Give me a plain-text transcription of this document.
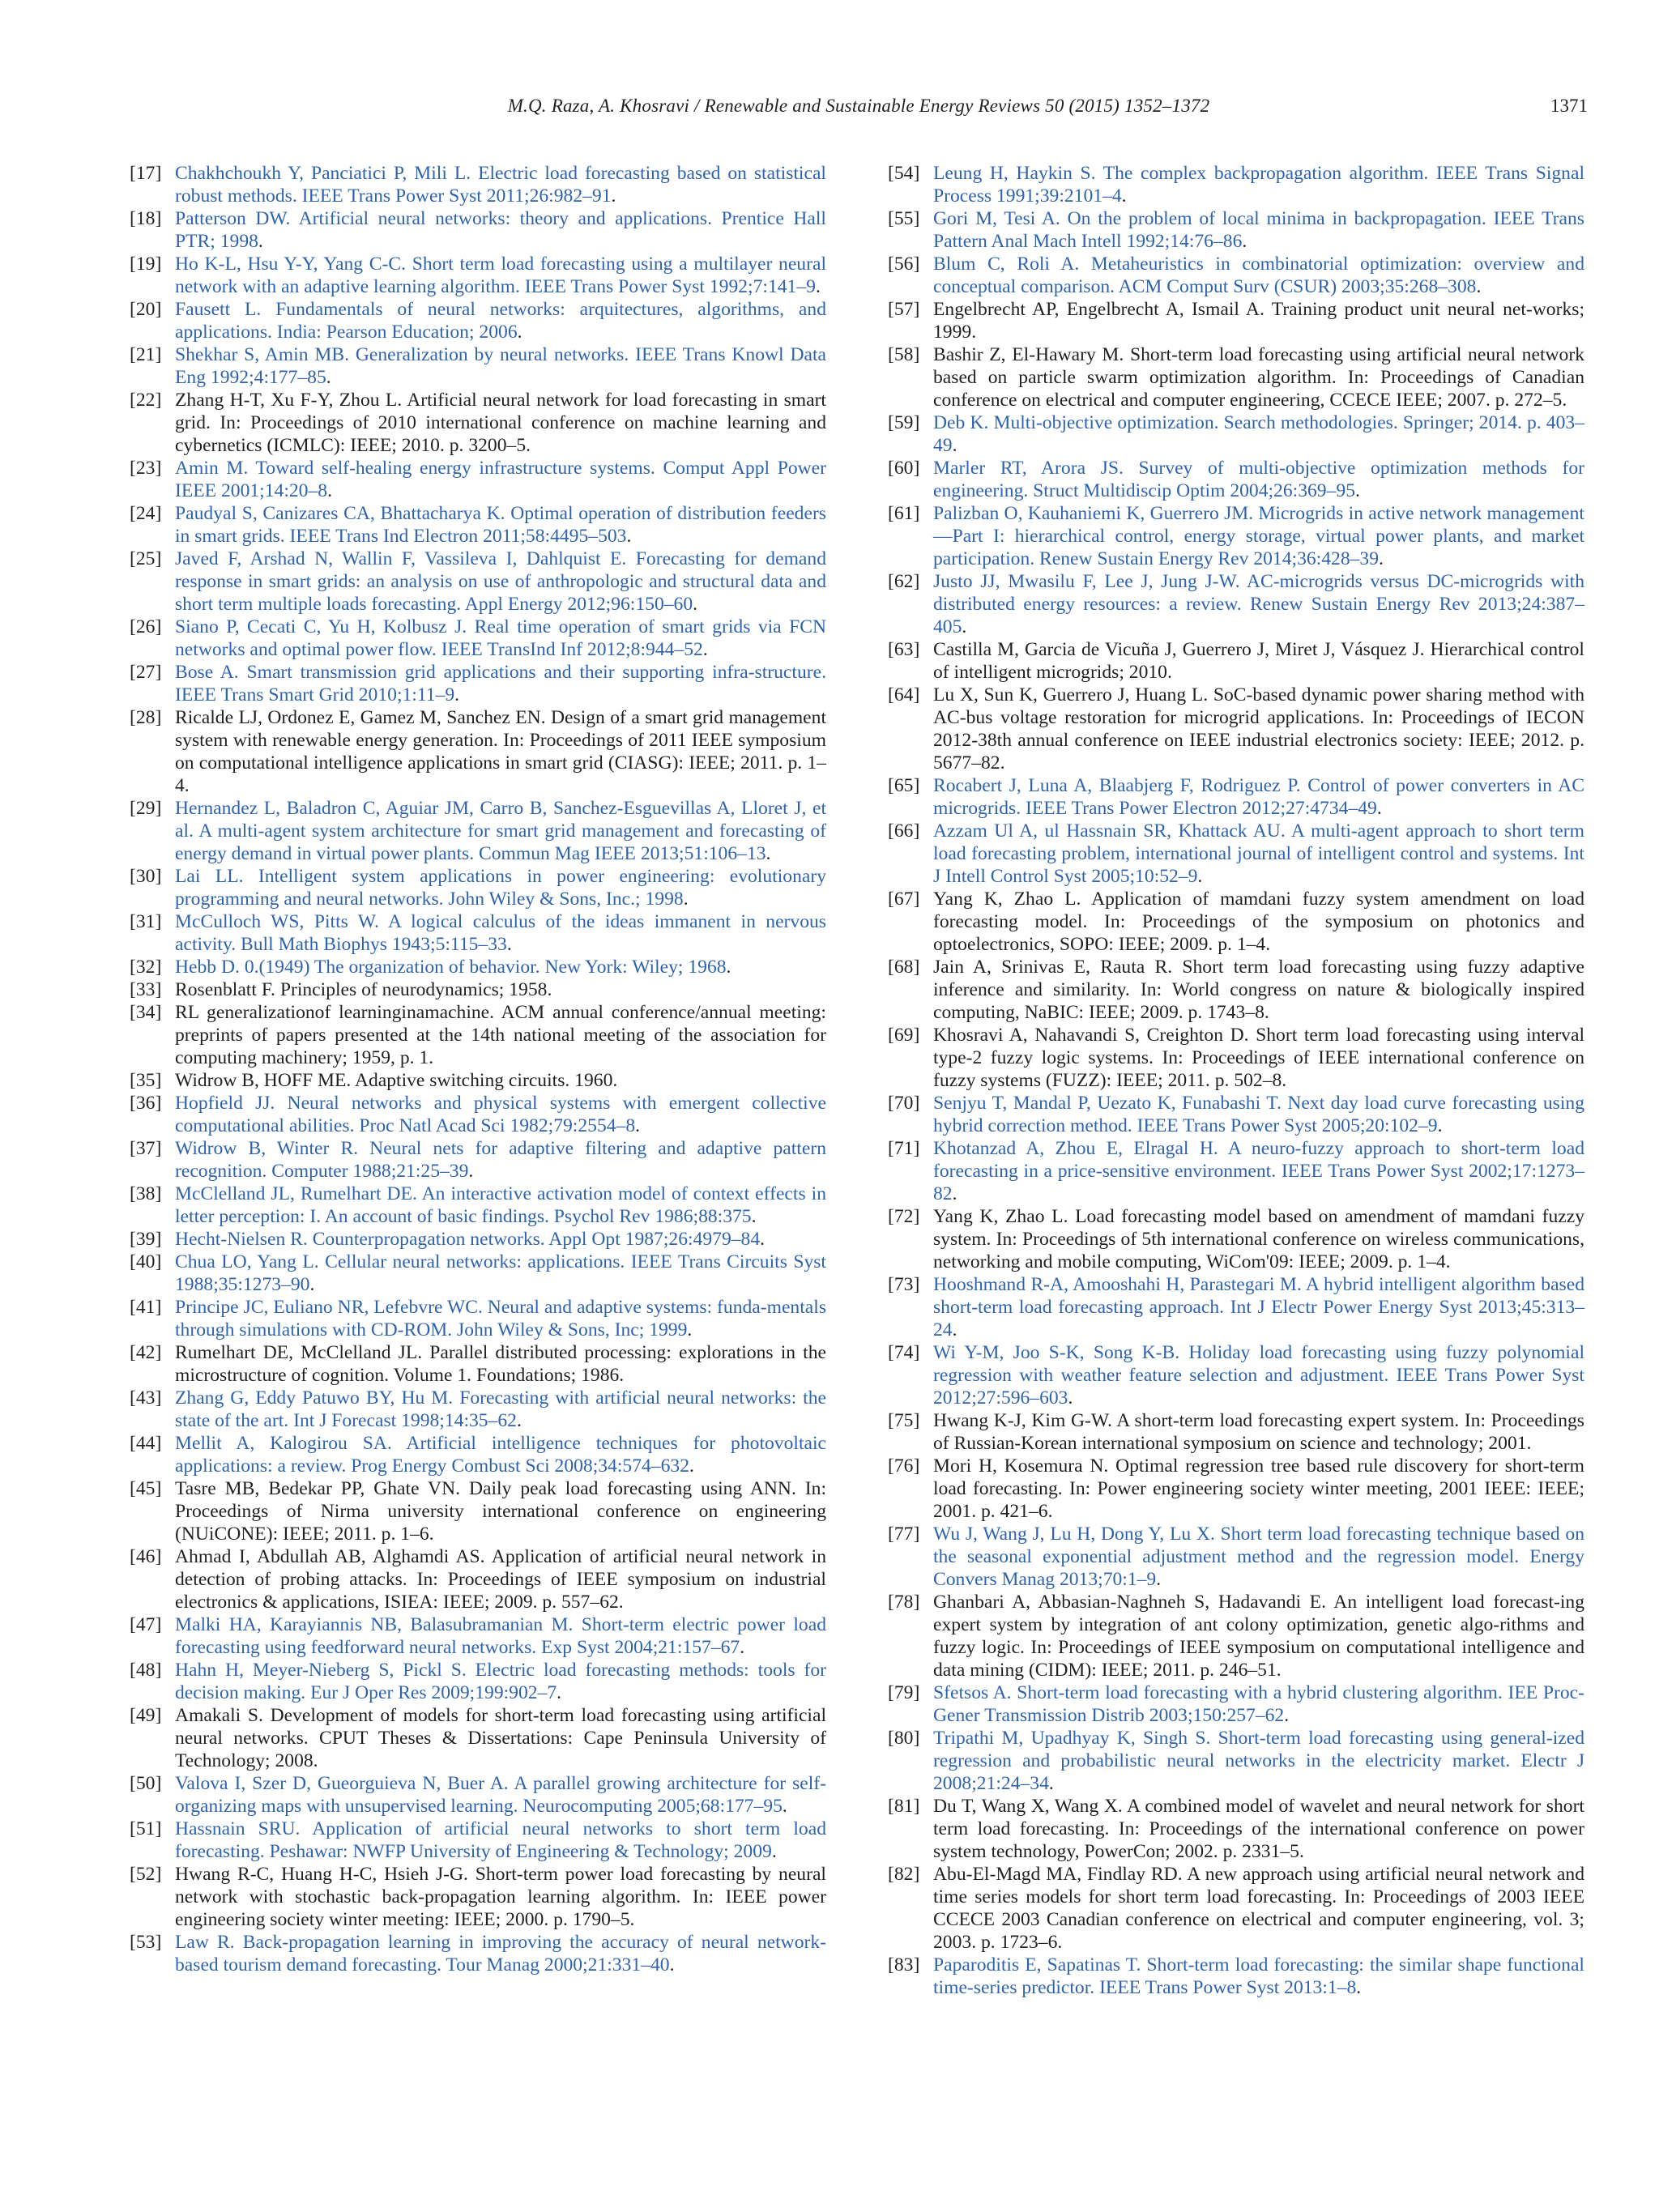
M.Q. Raza, A. Khosravi / Renewable and Sustainable Energy Reviews 50 (2015) 1352–1372	1371

[17] Chakhchoukh Y, Panciatici P, Mili L. Electric load forecasting based on statistical robust methods. IEEE Trans Power Syst 2011;26:982–91.

[18] Patterson DW. Artificial neural networks: theory and applications. Prentice Hall PTR; 1998.

[19] Ho K-L, Hsu Y-Y, Yang C-C. Short term load forecasting using a multilayer neural network with an adaptive learning algorithm. IEEE Trans Power Syst 1992;7:141–9.

[20] Fausett L. Fundamentals of neural networks: arquitectures, algorithms, and applications. India: Pearson Education; 2006.

[21] Shekhar S, Amin MB. Generalization by neural networks. IEEE Trans Knowl Data Eng 1992;4:177–85.

[22] Zhang H-T, Xu F-Y, Zhou L. Artificial neural network for load forecasting in smart grid. In: Proceedings of 2010 international conference on machine learning and cybernetics (ICMLC): IEEE; 2010. p. 3200–5.

[23] Amin M. Toward self-healing energy infrastructure systems. Comput Appl Power IEEE 2001;14:20–8.

[24] Paudyal S, Canizares CA, Bhattacharya K. Optimal operation of distribution feeders in smart grids. IEEE Trans Ind Electron 2011;58:4495–503.

[25] Javed F, Arshad N, Wallin F, Vassileva I, Dahlquist E. Forecasting for demand response in smart grids: an analysis on use of anthropologic and structural data and short term multiple loads forecasting. Appl Energy 2012;96:150–60.

[26] Siano P, Cecati C, Yu H, Kolbusz J. Real time operation of smart grids via FCN networks and optimal power flow. IEEE TransInd Inf 2012;8:944–52.

[27] Bose A. Smart transmission grid applications and their supporting infra-structure. IEEE Trans Smart Grid 2010;1:11–9.

[28] Ricalde LJ, Ordonez E, Gamez M, Sanchez EN. Design of a smart grid management system with renewable energy generation. In: Proceedings of 2011 IEEE symposium on computational intelligence applications in smart grid (CIASG): IEEE; 2011. p. 1–4.

[29] Hernandez L, Baladron C, Aguiar JM, Carro B, Sanchez-Esguevillas A, Lloret J, et al. A multi-agent system architecture for smart grid management and forecasting of energy demand in virtual power plants. Commun Mag IEEE 2013;51:106–13.

[30] Lai LL. Intelligent system applications in power engineering: evolutionary programming and neural networks. John Wiley & Sons, Inc.; 1998.

[31] McCulloch WS, Pitts W. A logical calculus of the ideas immanent in nervous activity. Bull Math Biophys 1943;5:115–33.

[32] Hebb D. 0.(1949) The organization of behavior. New York: Wiley; 1968.

[33] Rosenblatt F. Principles of neurodynamics; 1958.

[34] RL generalizationof learninginamachine. ACM annual conference/annual meeting: preprints of papers presented at the 14th national meeting of the association for computing machinery; 1959, p. 1.

[35] Widrow B, HOFF ME. Adaptive switching circuits. 1960.

[36] Hopfield JJ. Neural networks and physical systems with emergent collective computational abilities. Proc Natl Acad Sci 1982;79:2554–8.

[37] Widrow B, Winter R. Neural nets for adaptive filtering and adaptive pattern recognition. Computer 1988;21:25–39.

[38] McClelland JL, Rumelhart DE. An interactive activation model of context effects in letter perception: I. An account of basic findings. Psychol Rev 1986;88:375.

[39] Hecht-Nielsen R. Counterpropagation networks. Appl Opt 1987;26:4979–84.

[40] Chua LO, Yang L. Cellular neural networks: applications. IEEE Trans Circuits Syst 1988;35:1273–90.

[41] Principe JC, Euliano NR, Lefebvre WC. Neural and adaptive systems: funda-mentals through simulations with CD-ROM. John Wiley & Sons, Inc; 1999.

[42] Rumelhart DE, McClelland JL. Parallel distributed processing: explorations in the microstructure of cognition. Volume 1. Foundations; 1986.

[43] Zhang G, Eddy Patuwo BY, Hu M. Forecasting with artificial neural networks: the state of the art. Int J Forecast 1998;14:35–62.

[44] Mellit A, Kalogirou SA. Artificial intelligence techniques for photovoltaic applications: a review. Prog Energy Combust Sci 2008;34:574–632.

[45] Tasre MB, Bedekar PP, Ghate VN. Daily peak load forecasting using ANN. In: Proceedings of Nirma university international conference on engineering (NUiCONE): IEEE; 2011. p. 1–6.

[46] Ahmad I, Abdullah AB, Alghamdi AS. Application of artificial neural network in detection of probing attacks. In: Proceedings of IEEE symposium on industrial electronics & applications, ISIEA: IEEE; 2009. p. 557–62.

[47] Malki HA, Karayiannis NB, Balasubramanian M. Short-term electric power load forecasting using feedforward neural networks. Exp Syst 2004;21:157–67.

[48] Hahn H, Meyer-Nieberg S, Pickl S. Electric load forecasting methods: tools for decision making. Eur J Oper Res 2009;199:902–7.

[49] Amakali S. Development of models for short-term load forecasting using artificial neural networks. CPUT Theses & Dissertations: Cape Peninsula University of Technology; 2008.

[50] Valova I, Szer D, Gueorguieva N, Buer A. A parallel growing architecture for self-organizing maps with unsupervised learning. Neurocomputing 2005;68:177–95.

[51] Hassnain SRU. Application of artificial neural networks to short term load forecasting. Peshawar: NWFP University of Engineering & Technology; 2009.

[52] Hwang R-C, Huang H-C, Hsieh J-G. Short-term power load forecasting by neural network with stochastic back-propagation learning algorithm. In: IEEE power engineering society winter meeting: IEEE; 2000. p. 1790–5.

[53] Law R. Back-propagation learning in improving the accuracy of neural network-based tourism demand forecasting. Tour Manag 2000;21:331–40.

[54] Leung H, Haykin S. The complex backpropagation algorithm. IEEE Trans Signal Process 1991;39:2101–4.

[55] Gori M, Tesi A. On the problem of local minima in backpropagation. IEEE Trans Pattern Anal Mach Intell 1992;14:76–86.

[56] Blum C, Roli A. Metaheuristics in combinatorial optimization: overview and conceptual comparison. ACM Comput Surv (CSUR) 2003;35:268–308.

[57] Engelbrecht AP, Engelbrecht A, Ismail A. Training product unit neural net-works; 1999.

[58] Bashir Z, El-Hawary M. Short-term load forecasting using artificial neural network based on particle swarm optimization algorithm. In: Proceedings of Canadian conference on electrical and computer engineering, CCECE IEEE; 2007. p. 272–5.

[59] Deb K. Multi-objective optimization. Search methodologies. Springer; 2014. p. 403–49.

[60] Marler RT, Arora JS. Survey of multi-objective optimization methods for engineering. Struct Multidiscip Optim 2004;26:369–95.

[61] Palizban O, Kauhaniemi K, Guerrero JM. Microgrids in active network management—Part I: hierarchical control, energy storage, virtual power plants, and market participation. Renew Sustain Energy Rev 2014;36:428–39.

[62] Justo JJ, Mwasilu F, Lee J, Jung J-W. AC-microgrids versus DC-microgrids with distributed energy resources: a review. Renew Sustain Energy Rev 2013;24:387–405.

[63] Castilla M, Garcia de Vicuña J, Guerrero J, Miret J, Vásquez J. Hierarchical control of intelligent microgrids; 2010.

[64] Lu X, Sun K, Guerrero J, Huang L. SoC-based dynamic power sharing method with AC-bus voltage restoration for microgrid applications. In: Proceedings of IECON 2012-38th annual conference on IEEE industrial electronics society: IEEE; 2012. p. 5677–82.

[65] Rocabert J, Luna A, Blaabjerg F, Rodriguez P. Control of power converters in AC microgrids. IEEE Trans Power Electron 2012;27:4734–49.

[66] Azzam Ul A, ul Hassnain SR, Khattack AU. A multi-agent approach to short term load forecasting problem, international journal of intelligent control and systems. Int J Intell Control Syst 2005;10:52–9.

[67] Yang K, Zhao L. Application of mamdani fuzzy system amendment on load forecasting model. In: Proceedings of the symposium on photonics and optoelectronics, SOPO: IEEE; 2009. p. 1–4.

[68] Jain A, Srinivas E, Rauta R. Short term load forecasting using fuzzy adaptive inference and similarity. In: World congress on nature & biologically inspired computing, NaBIC: IEEE; 2009. p. 1743–8.

[69] Khosravi A, Nahavandi S, Creighton D. Short term load forecasting using interval type-2 fuzzy logic systems. In: Proceedings of IEEE international conference on fuzzy systems (FUZZ): IEEE; 2011. p. 502–8.

[70] Senjyu T, Mandal P, Uezato K, Funabashi T. Next day load curve forecasting using hybrid correction method. IEEE Trans Power Syst 2005;20:102–9.

[71] Khotanzad A, Zhou E, Elragal H. A neuro-fuzzy approach to short-term load forecasting in a price-sensitive environment. IEEE Trans Power Syst 2002;17:1273–82.

[72] Yang K, Zhao L. Load forecasting model based on amendment of mamdani fuzzy system. In: Proceedings of 5th international conference on wireless communications, networking and mobile computing, WiCom'09: IEEE; 2009. p. 1–4.

[73] Hooshmand R-A, Amooshahi H, Parastegari M. A hybrid intelligent algorithm based short-term load forecasting approach. Int J Electr Power Energy Syst 2013;45:313–24.

[74] Wi Y-M, Joo S-K, Song K-B. Holiday load forecasting using fuzzy polynomial regression with weather feature selection and adjustment. IEEE Trans Power Syst 2012;27:596–603.

[75] Hwang K-J, Kim G-W. A short-term load forecasting expert system. In: Proceedings of Russian-Korean international symposium on science and technology; 2001.

[76] Mori H, Kosemura N. Optimal regression tree based rule discovery for short-term load forecasting. In: Power engineering society winter meeting, 2001 IEEE: IEEE; 2001. p. 421–6.

[77] Wu J, Wang J, Lu H, Dong Y, Lu X. Short term load forecasting technique based on the seasonal exponential adjustment method and the regression model. Energy Convers Manag 2013;70:1–9.

[78] Ghanbari A, Abbasian-Naghneh S, Hadavandi E. An intelligent load forecast-ing expert system by integration of ant colony optimization, genetic algo-rithms and fuzzy logic. In: Proceedings of IEEE symposium on computational intelligence and data mining (CIDM): IEEE; 2011. p. 246–51.

[79] Sfetsos A. Short-term load forecasting with a hybrid clustering algorithm. IEE Proc-Gener Transmission Distrib 2003;150:257–62.

[80] Tripathi M, Upadhyay K, Singh S. Short-term load forecasting using general-ized regression and probabilistic neural networks in the electricity market. Electr J 2008;21:24–34.

[81] Du T, Wang X, Wang X. A combined model of wavelet and neural network for short term load forecasting. In: Proceedings of the international conference on power system technology, PowerCon; 2002. p. 2331–5.

[82] Abu-El-Magd MA, Findlay RD. A new approach using artificial neural network and time series models for short term load forecasting. In: Proceedings of 2003 IEEE CCECE 2003 Canadian conference on electrical and computer engineering, vol. 3; 2003. p. 1723–6.

[83] Paparoditis E, Sapatinas T. Short-term load forecasting: the similar shape functional time-series predictor. IEEE Trans Power Syst 2013:1–8.
